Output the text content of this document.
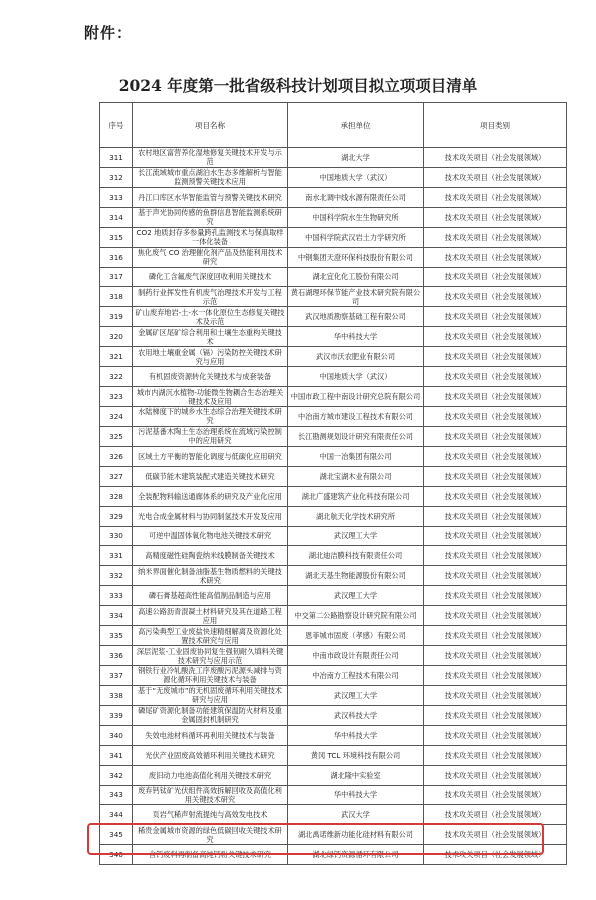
附件：
2024 年度第一批省级科技计划项目拟立项项目清单
序号	项目名称	承担单位	项目类别
311	农村地区富营养化湿地修复关键技术开发与示范	湖北大学	技术攻关项目（社会发展领域）
312	长江流域城市重点湖泊水生态多维解析与智能监测预警关键技术应用	中国地质大学（武汉）	技术攻关项目（社会发展领域）
313	丹江口库区水华智能监管与预警关键技术研究	南水北调中线水源有限责任公司	技术攻关项目（社会发展领域）
314	基于声光协同传感的鱼群信息智能监测系统研究	中国科学院水生生物研究所	技术攻关项目（社会发展领域）
315	CO2 地质封存多参量跨孔监测技术与保真取样一体化装备	中国科学院武汉岩土力学研究所	技术攻关项目（社会发展领域）
316	焦化废气 CO 治理催化剂产品及热能利用技术研究	中钢集团天澄环保科技股份有限公司	技术攻关项目（社会发展领域）
317	磷化工含氟废气深度回收利用关键技术	湖北宜化化工股份有限公司	技术攻关项目（社会发展领域）
318	制药行业挥发性有机废气治理技术开发与工程示范	黄石湖理环保节能产业技术研究院有限公司	技术攻关项目（社会发展领域）
319	矿山废弃地岩-土-水一体化原位生态修复关键技术及示范	武汉地质勘察基础工程有限公司	技术攻关项目（社会发展领域）
320	金属矿区尾矿综合利用和土壤生态重构关键技术	华中科技大学	技术攻关项目（社会发展领域）
321	农用地土壤重金属（镉）污染防控关键技术研究与应用	武汉市沃农肥业有限公司	技术攻关项目（社会发展领域）
322	有机固废资源转化关键技术与成套装备	中国地质大学（武汉）	技术攻关项目（社会发展领域）
323	城市内湖沉水植物-功能微生物耦合生态治理关键技术及应用	中国市政工程中南设计研究总院有限公司	技术攻关项目（社会发展领域）
324	水陆梯度下的城乡水生态综合治理关键技术研究	中冶南方城市建设工程技术有限公司	技术攻关项目（社会发展领域）
325	污泥基番木陶土生态治理系统在流域污染控制中的应用研究	长江勘测规划设计研究有限责任公司	技术攻关项目（社会发展领域）
326	区域土方平衡的智能化调度与低碳化应用研究	中国一冶集团有限公司	技术攻关项目（社会发展领域）
327	低碳节能木建筑装配式建造关键技术研究	湖北宝湖木业有限公司	技术攻关项目（社会发展领域）
328	全装配物料输送通廊体系的研究及产业化应用	湖北广盛建筑产业化科技有限公司	技术攻关项目（社会发展领域）
329	光电合成金属材料与协同制氢技术开发及应用	湖北航天化学技术研究所	技术攻关项目（社会发展领域）
330	可逆中温固体氧化物电池关键技术研究	武汉理工大学	技术攻关项目（社会发展领域）
331	高精度磁性硅陶瓷纳米线膜制备关键技术	湖北迪洁膜科技有限责任公司	技术攻关项目（社会发展领域）
332	纳米界面催化制备油脂基生物质燃料的关键技术研究	湖北天基生物能源股份有限公司	技术攻关项目（社会发展领域）
333	磷石膏基超高性能高值制品制造与应用	武汉理工大学	技术攻关项目（社会发展领域）
334	高速公路沥青混凝土材料研究及其在道路工程应用	中交第二公路勘察设计研究院有限公司	技术攻关项目（社会发展领域）
335	高污染典型工业废盐快速精细解离及资源化处置技术研究与应用	恩菲城市固废（孝感）有限公司	技术攻关项目（社会发展领域）
336	深层泥浆-工业固废协同复生强韧耐久填料关键技术研究与应用示范	中南市政设计有限责任公司	技术攻关项目（社会发展领域）
337	钢铁行业冷轧酸洗工序废酸污泥源头减排与资源化循环利用关键技术与装备	中冶南方工程技术有限公司	技术攻关项目（社会发展领域）
338	基于“无废城市”的无机固废循环利用关键技术研究与应用	武汉理工大学	技术攻关项目（社会发展领域）
339	磷尾矿资源化制备功能建筑保温防火材料及重金属固封机制研究	武汉科技大学	技术攻关项目（社会发展领域）
340	失效电池材料循环再利用关键技术与装备	华中科技大学	技术攻关项目（社会发展领域）
341	光伏产业固废高效循环利用关键技术研究	黄冈 TCL 环境科技有限公司	技术攻关项目（社会发展领域）
342	废旧动力电池高值化利用关键技术研究	湖北隆中实验室	技术攻关项目（社会发展领域）
343	废弃钙钛矿光伏组件高效拆解回收及高值化利用关键技术研究	华中科技大学	技术攻关项目（社会发展领域）
344	页岩气稀声射流提纯与高效发电技术	武汉大学	技术攻关项目（社会发展领域）
345	稀贵金属城市资源的绿色低碳回收关键技术研究	湖北禹诺维新功能化硅材料有限公司	技术攻关项目（社会发展领域）
346	含钙废料再制备高纯钙粉关键技术研究	湖北绿钙资源循环有限公司	技术攻关项目（社会发展领域）
